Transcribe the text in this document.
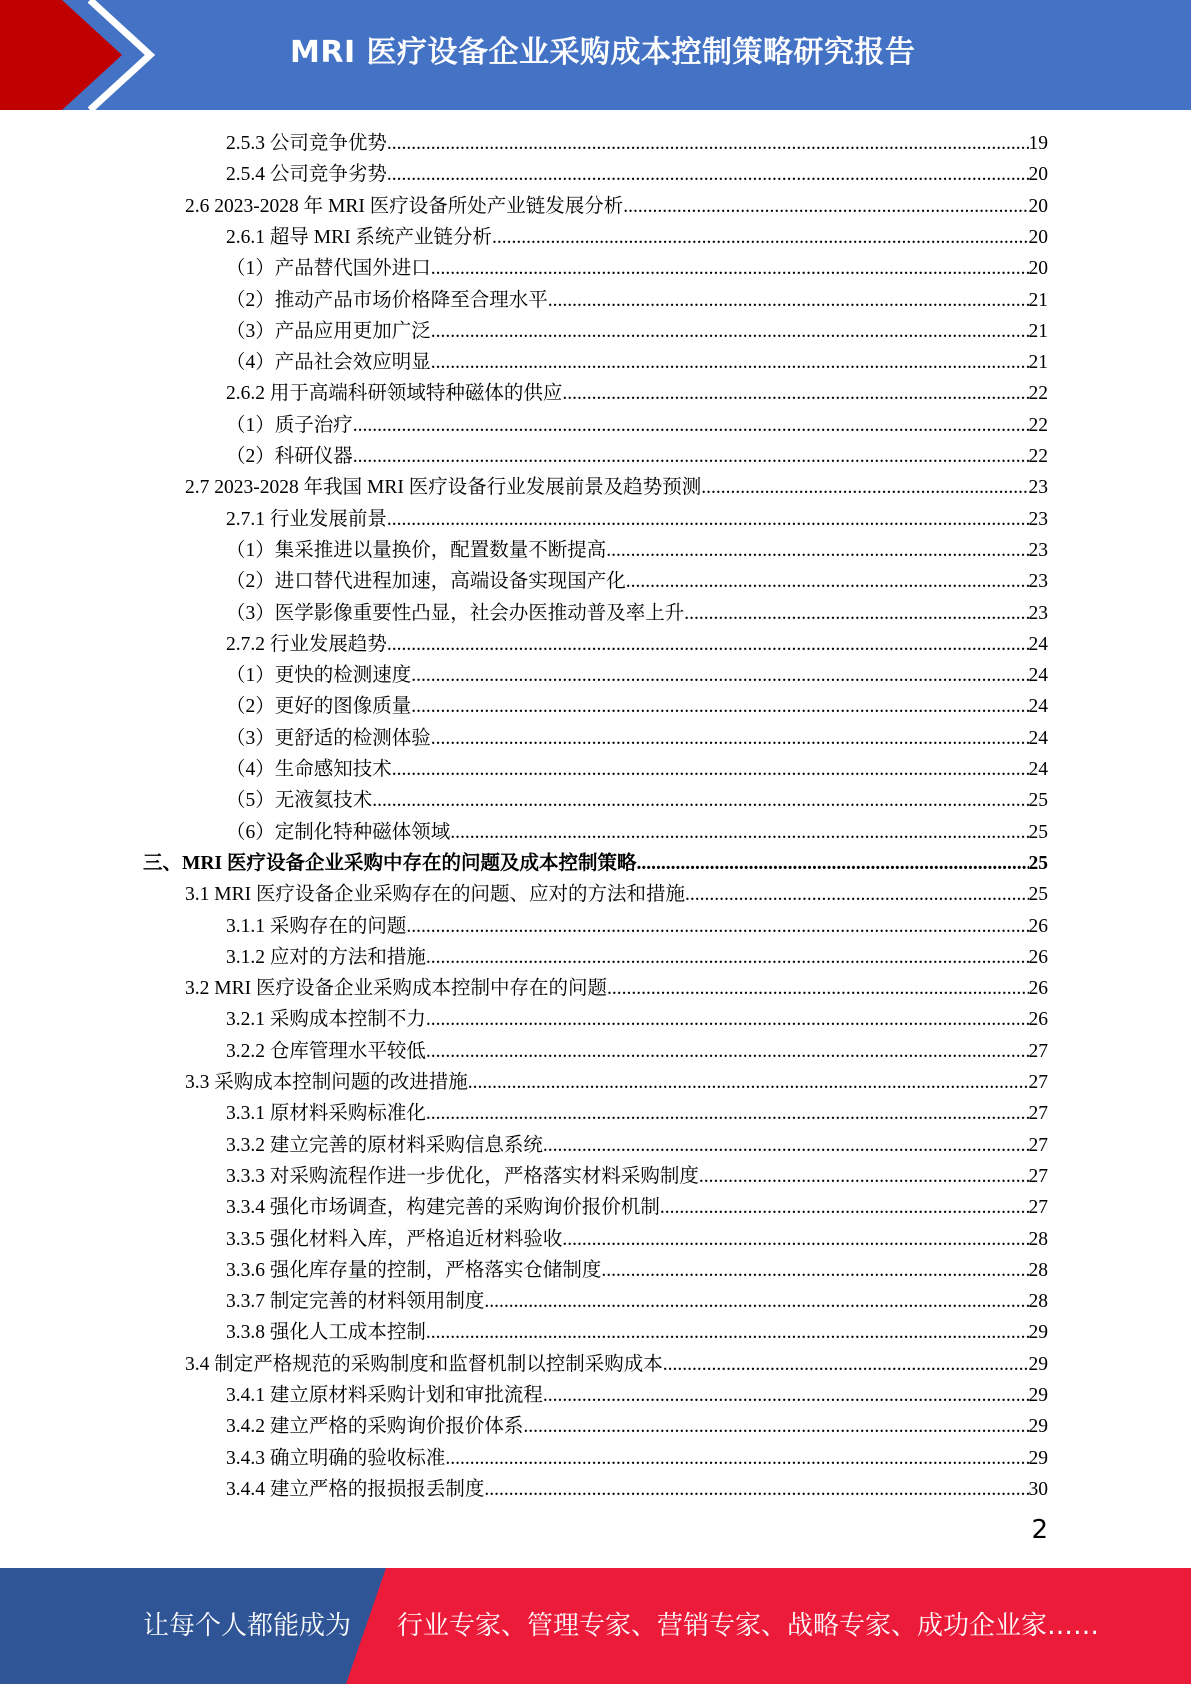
MRI 医疗设备企业采购成本控制策略研究报告
2.5.3 公司竞争优势 .....	19
2.5.4 公司竞争劣势 .....	20
2.6 2023-2028 年 MRI 医疗设备所处产业链发展分析 .....	20
2.6.1 超导 MRI 系统产业链分析 .....	20
（1）产品替代国外进口 .....	20
（2）推动产品市场价格降至合理水平 .....	21
（3）产品应用更加广泛 .....	21
（4）产品社会效应明显 .....	21
2.6.2 用于高端科研领域特种磁体的供应 .....	22
（1）质子治疗 .....	22
（2）科研仪器 .....	22
2.7 2023-2028 年我国 MRI 医疗设备行业发展前景及趋势预测 .....	23
2.7.1 行业发展前景 .....	23
（1）集采推进以量换价，配置数量不断提高 .....	23
（2）进口替代进程加速，高端设备实现国产化 .....	23
（3）医学影像重要性凸显，社会办医推动普及率上升 .....	23
2.7.2 行业发展趋势 .....	24
（1）更快的检测速度 .....	24
（2）更好的图像质量 .....	24
（3）更舒适的检测体验 .....	24
（4）生命感知技术 .....	24
（5）无液氦技术 .....	25
（6）定制化特种磁体领域 .....	25
三、MRI 医疗设备企业采购中存在的问题及成本控制策略 .....	25
3.1 MRI 医疗设备企业采购存在的问题、应对的方法和措施 .....	25
3.1.1 采购存在的问题 .....	26
3.1.2 应对的方法和措施 .....	26
3.2 MRI 医疗设备企业采购成本控制中存在的问题 .....	26
3.2.1 采购成本控制不力 .....	26
3.2.2 仓库管理水平较低 .....	27
3.3 采购成本控制问题的改进措施 .....	27
3.3.1 原材料采购标准化 .....	27
3.3.2 建立完善的原材料采购信息系统 .....	27
3.3.3 对采购流程作进一步优化，严格落实材料采购制度 .....	27
3.3.4 强化市场调查，构建完善的采购询价报价机制 .....	27
3.3.5 强化材料入库，严格追近材料验收 .....	28
3.3.6 强化库存量的控制，严格落实仓储制度 .....	28
3.3.7 制定完善的材料领用制度 .....	28
3.3.8 强化人工成本控制 .....	29
3.4 制定严格规范的采购制度和监督机制以控制采购成本 .....	29
3.4.1 建立原材料采购计划和审批流程 .....	29
3.4.2 建立严格的采购询价报价体系 .....	29
3.4.3 确立明确的验收标准 .....	29
3.4.4 建立严格的报损报丢制度 .....	30
2
让每个人都能成为 行业专家、管理专家、营销专家、战略专家、成功企业家……
